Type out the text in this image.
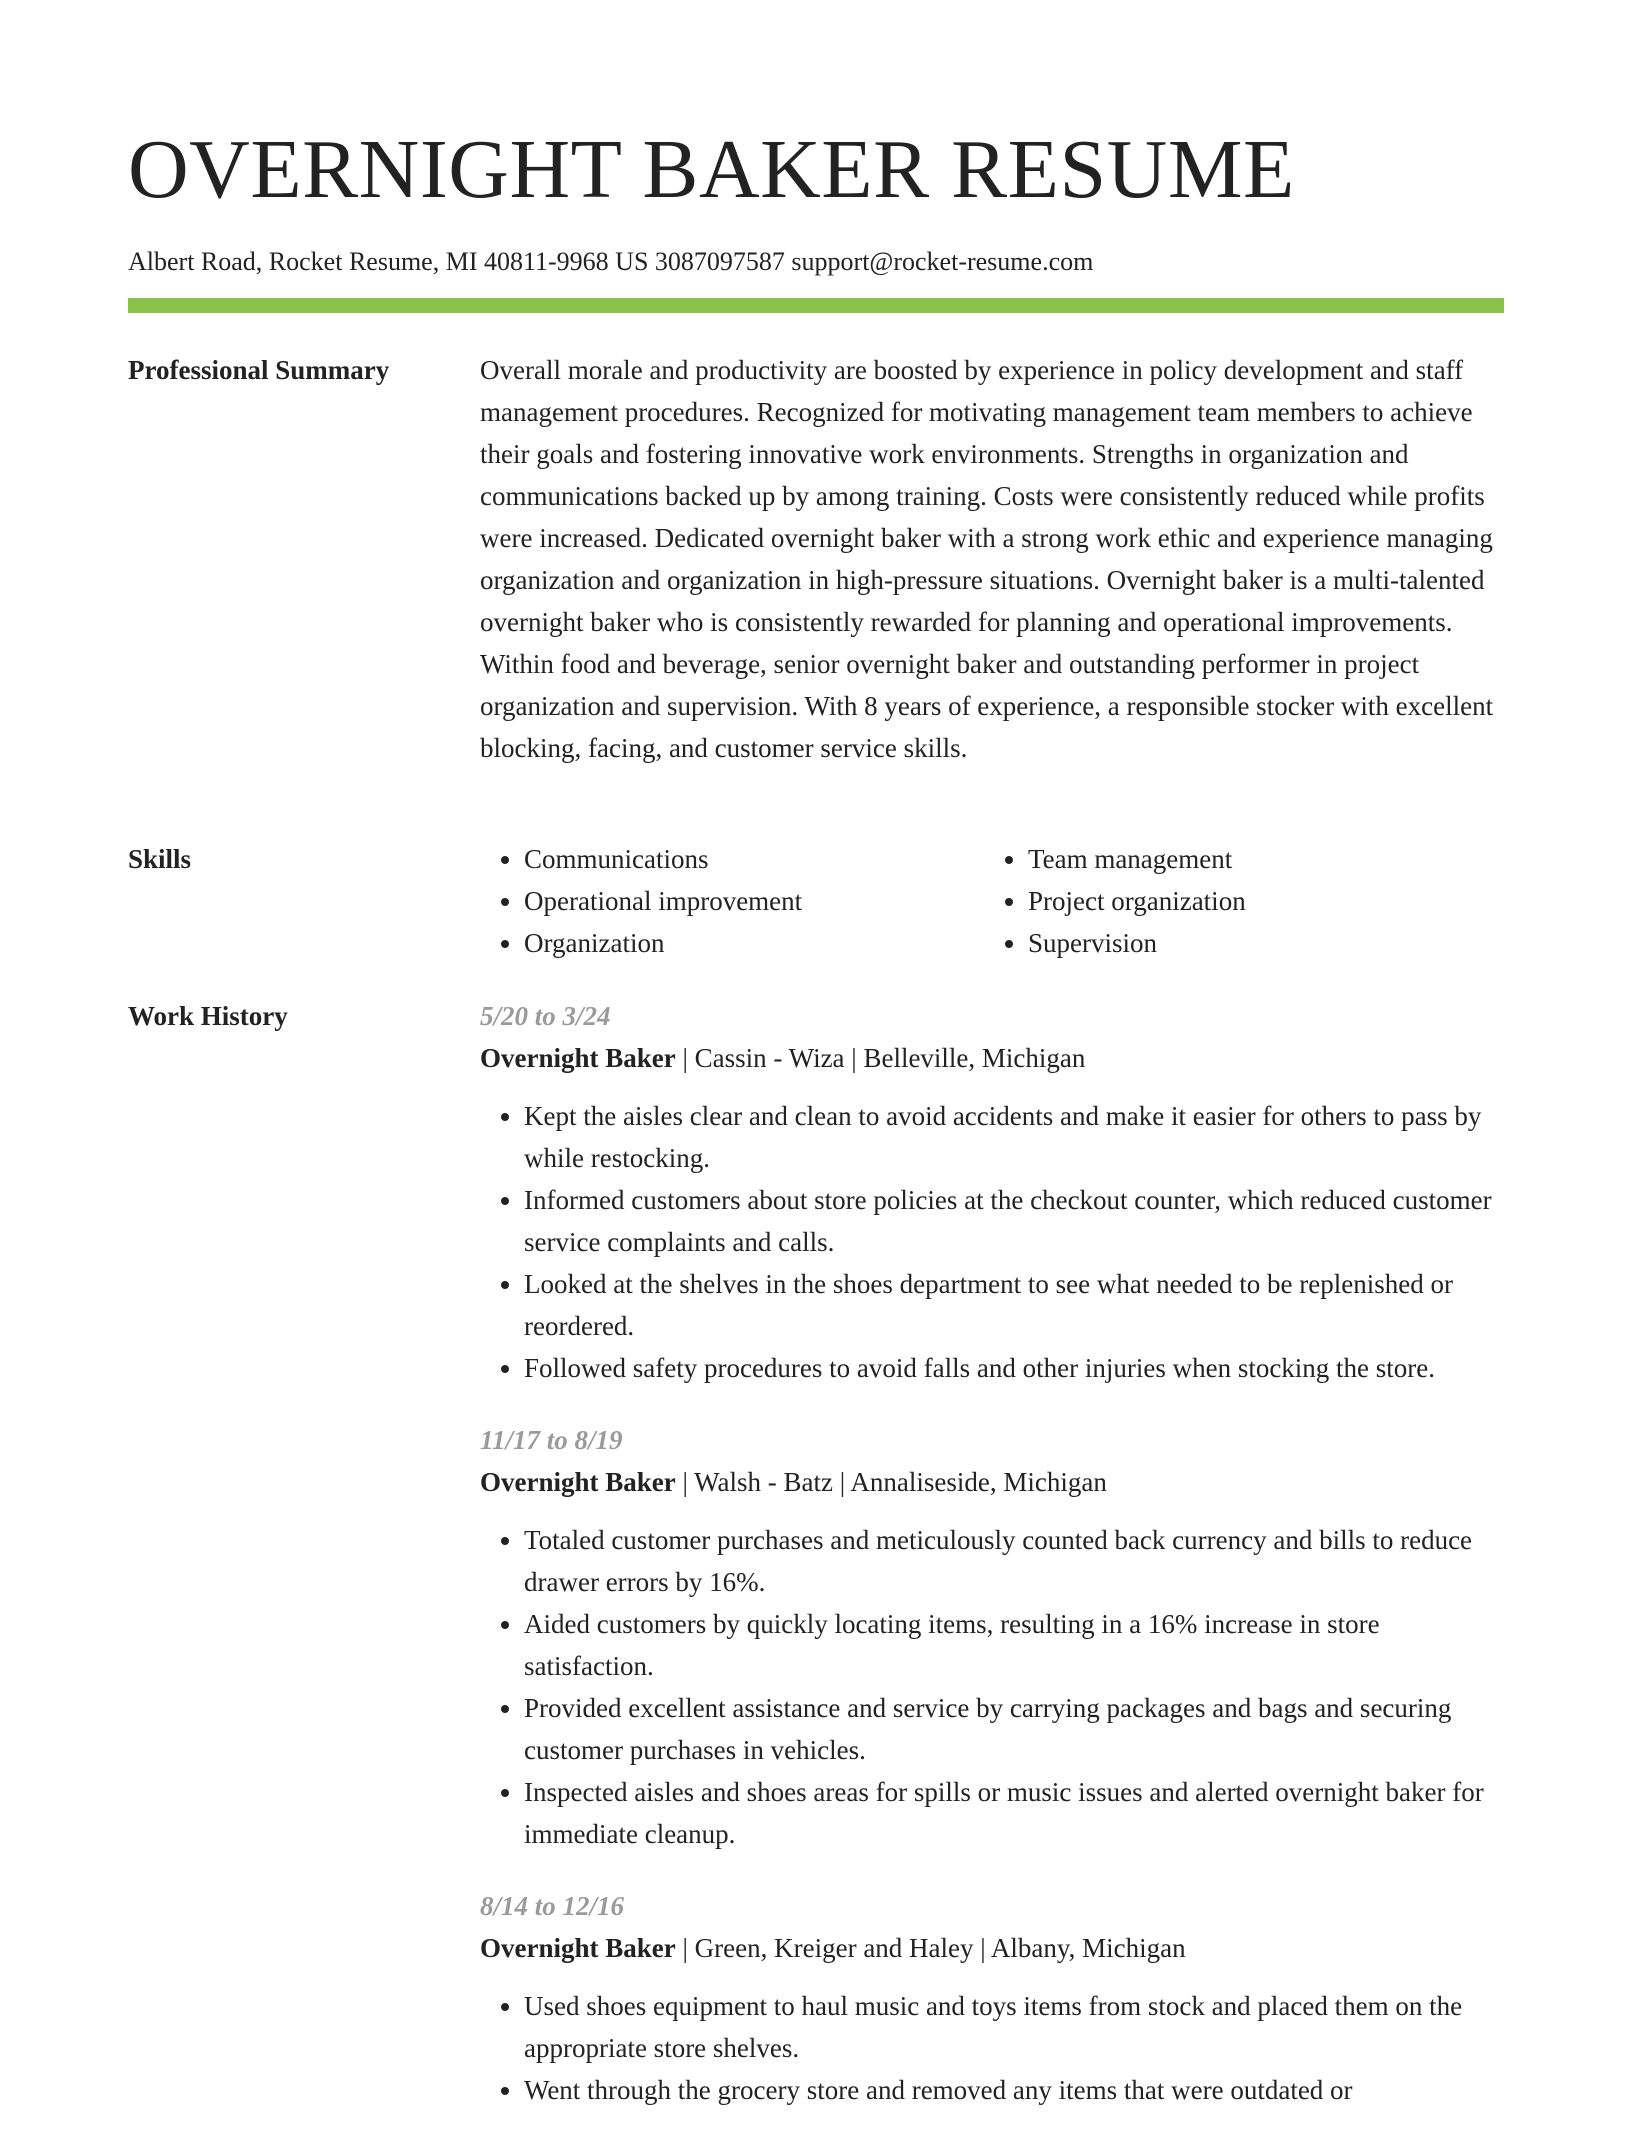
OVERNIGHT BAKER RESUME
Albert Road, Rocket Resume, MI 40811-9968 US 3087097587 support@rocket-resume.com
Professional Summary	Overall morale and productivity are boosted by experience in policy development and staff management procedures. Recognized for motivating management team members to achieve their goals and fostering innovative work environments. Strengths in organization and communications backed up by among training. Costs were consistently reduced while profits were increased. Dedicated overnight baker with a strong work ethic and experience managing organization and organization in high-pressure situations. Overnight baker is a multi-talented overnight baker who is consistently rewarded for planning and operational improvements. Within food and beverage, senior overnight baker and outstanding performer in project organization and supervision. With 8 years of experience, a responsible stocker with excellent blocking, facing, and customer service skills.

Skills
•	Communications
• Operational improvement
• Organization
• Team management
• Project organization
• Supervision
Work History	5/20 to 3/24
Overnight Baker | Cassin - Wiza | Belleville, Michigan
• Kept the aisles clear and clean to avoid accidents and make it easier for others to pass by while restocking.
• Informed customers about store policies at the checkout counter, which reduced customer service complaints and calls.
• Looked at the shelves in the shoes department to see what needed to be replenished or reordered.
• Followed safety procedures to avoid falls and other injuries when stocking the store.
11/17 to 8/19
Overnight Baker | Walsh - Batz | Annaliseside, Michigan
• Totaled customer purchases and meticulously counted back currency and bills to reduce drawer errors by 16%.
• Aided customers by quickly locating items, resulting in a 16% increase in store satisfaction.
• Provided excellent assistance and service by carrying packages and bags and securing customer purchases in vehicles.
• Inspected aisles and shoes areas for spills or music issues and alerted overnight baker for immediate cleanup.
8/14 to 12/16
Overnight Baker | Green, Kreiger and Haley | Albany, Michigan
• Used shoes equipment to haul music and toys items from stock and placed them on the appropriate store shelves.
• Went through the grocery store and removed any items that were outdated or
